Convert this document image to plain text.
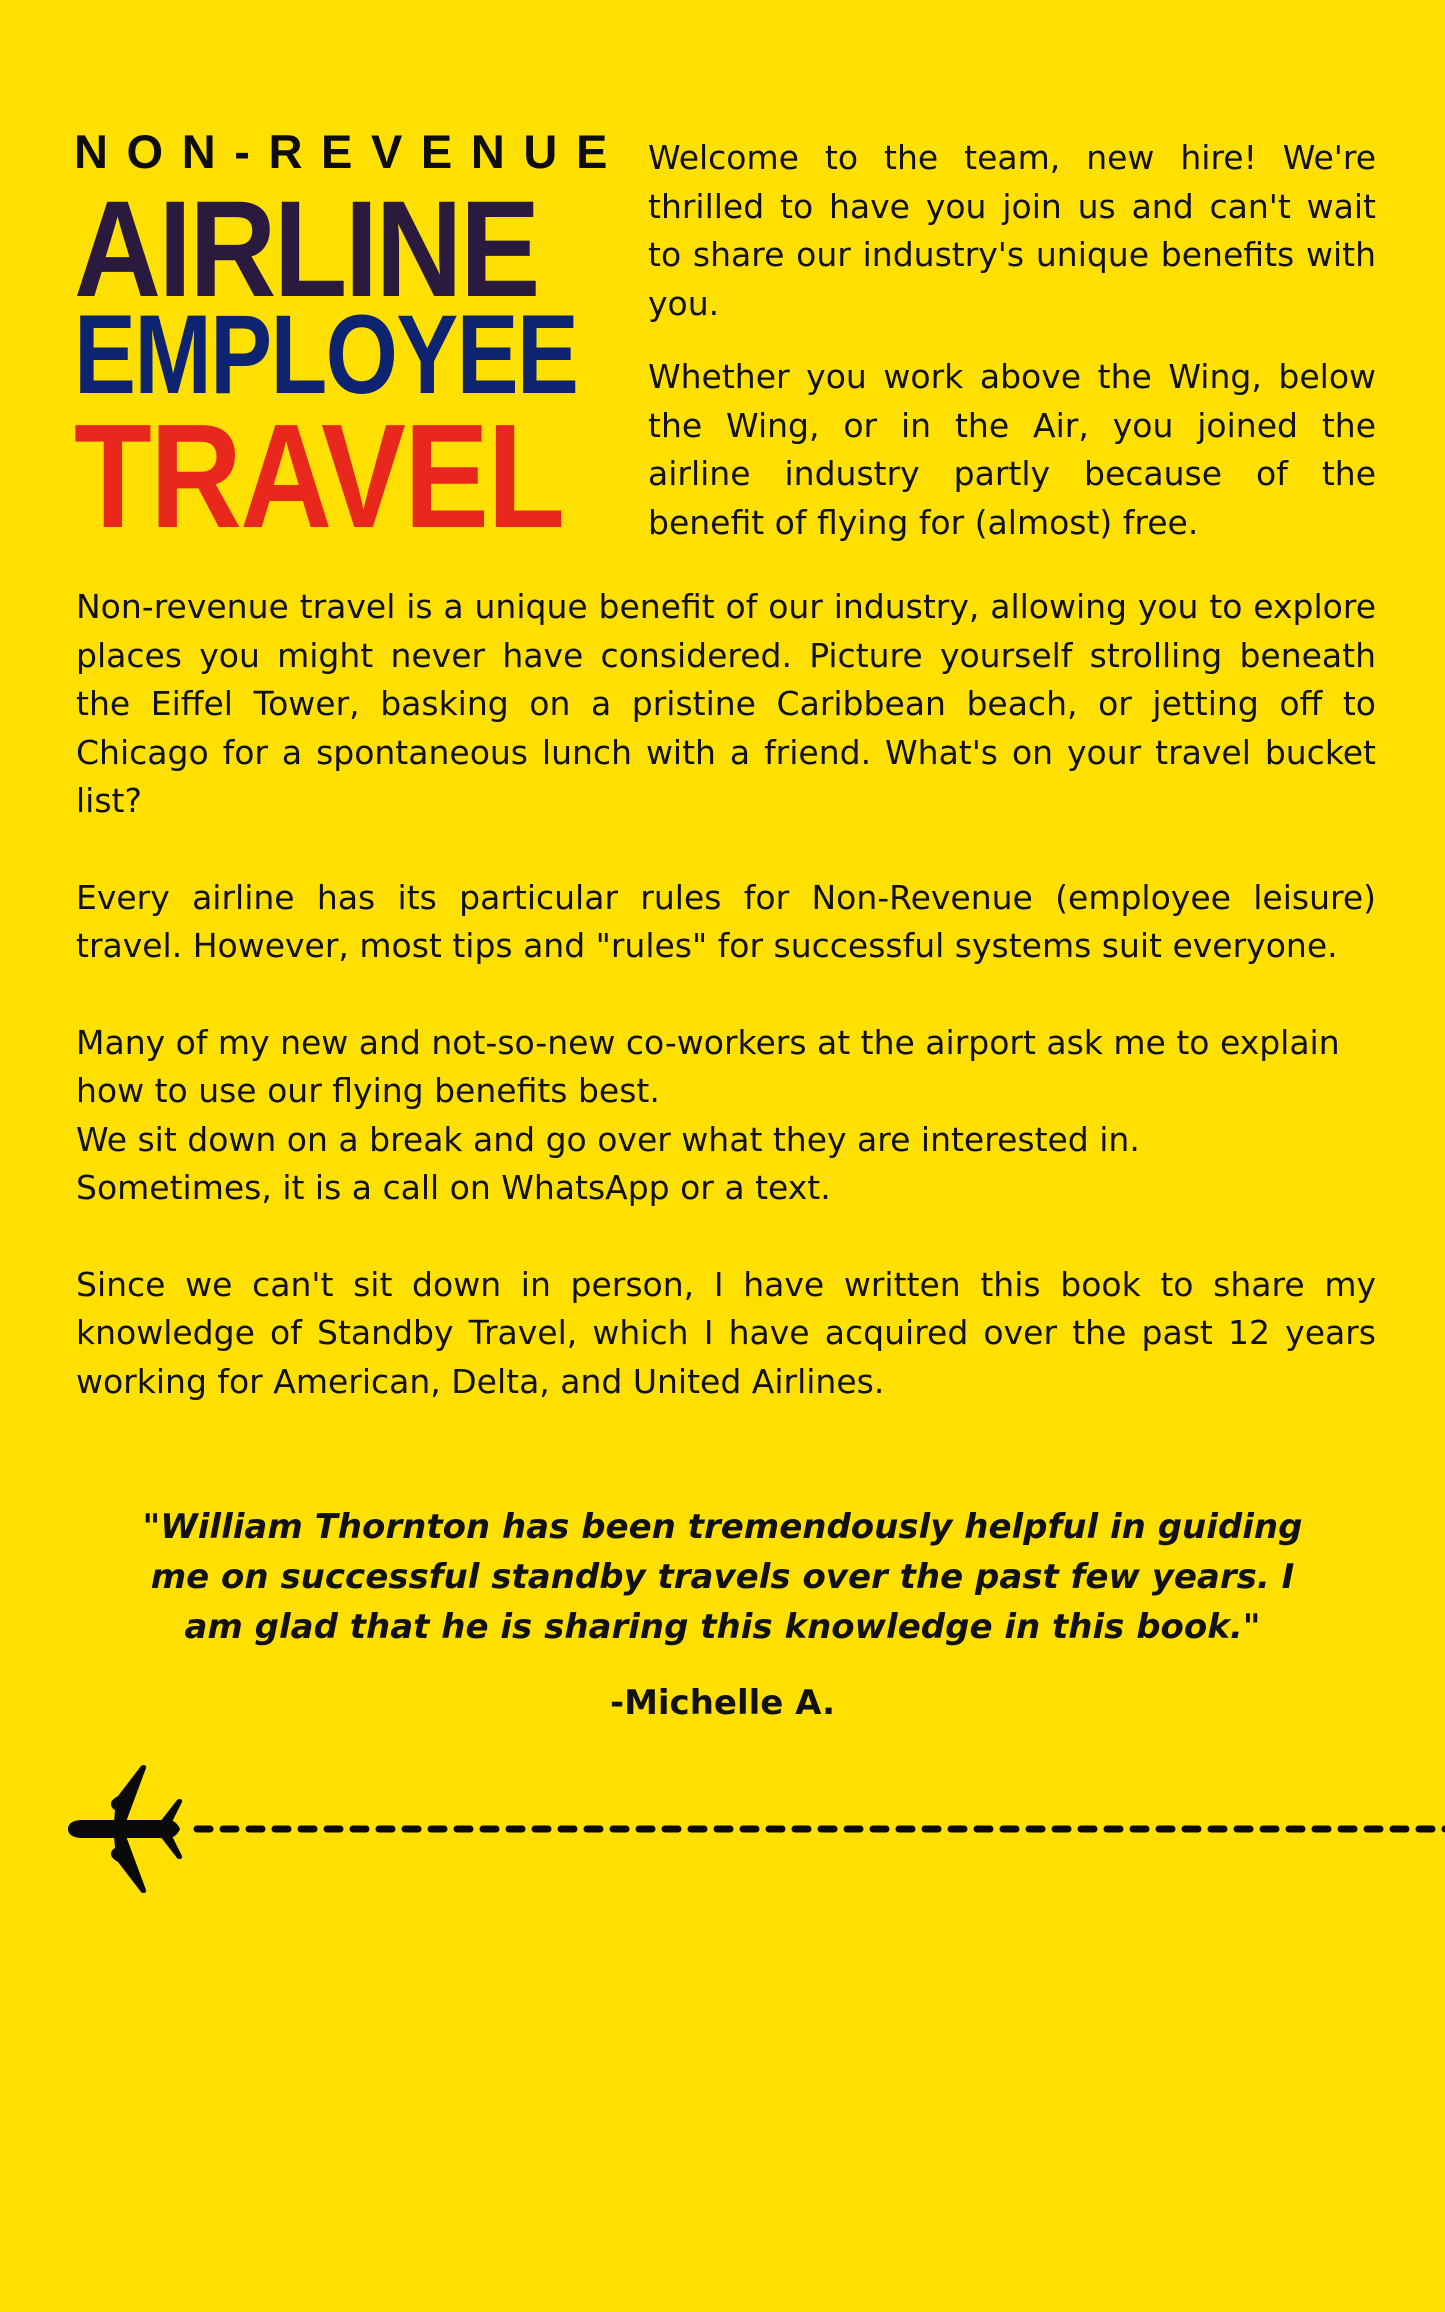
NON-REVENUE
AIRLINE
EMPLOYEE
TRAVEL

Welcome to the team, new hire! We're thrilled to have you join us and can't wait to share our industry's unique benefits with you.

Whether you work above the Wing, below the Wing, or in the Air, you joined the airline industry partly because of the benefit of flying for (almost) free.

Non-revenue travel is a unique benefit of our industry, allowing you to explore places you might never have considered. Picture yourself strolling beneath the Eiffel Tower, basking on a pristine Caribbean beach, or jetting off to Chicago for a spontaneous lunch with a friend. What's on your travel bucket list?

Every airline has its particular rules for Non-Revenue (employee leisure) travel. However, most tips and "rules" for successful systems suit everyone.

Many of my new and not-so-new co-workers at the airport ask me to explain how to use our flying benefits best.
We sit down on a break and go over what they are interested in.
Sometimes, it is a call on WhatsApp or a text.

Since we can't sit down in person, I have written this book to share my knowledge of Standby Travel, which I have acquired over the past 12 years working for American, Delta, and United Airlines.

"William Thornton has been tremendously helpful in guiding
me on successful standby travels over the past few years. I
am glad that he is sharing this knowledge in this book."
-Michelle A.
